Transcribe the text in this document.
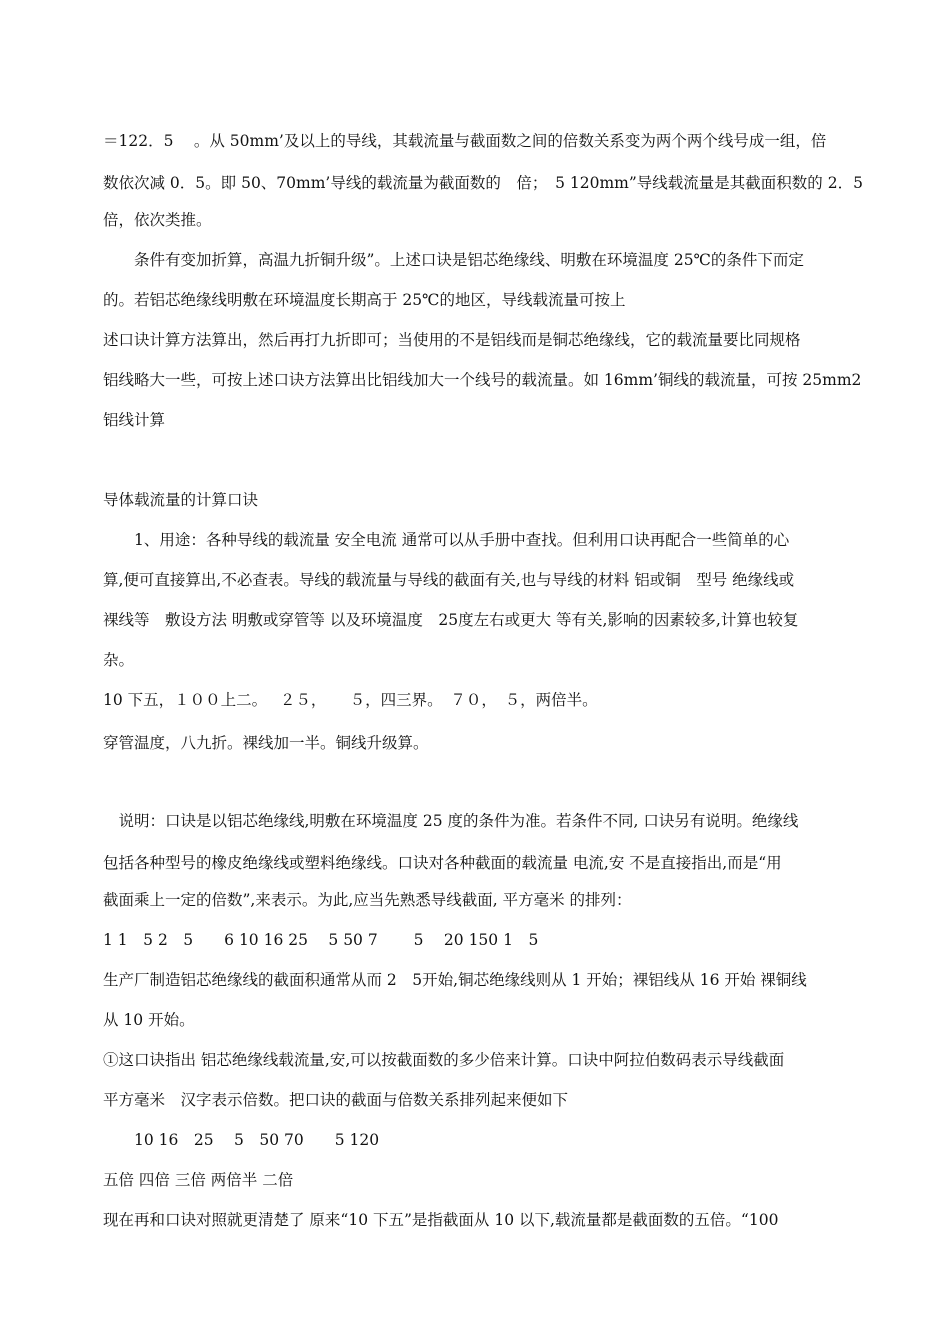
＝122．5　 。从 50mm’及以上的导线，其载流量与截面数之间的倍数关系变为两个两个线号成一组，倍
数依次减 0．5。即 50、70mm’导线的载流量为截面数的　倍；　5 120mm”导线载流量是其截面积数的 2．5
倍，依次类推。
　　条件有变加折算，高温九折铜升级”。上述口诀是铝芯绝缘线、明敷在环境温度 25℃的条件下而定
的。若铝芯绝缘线明敷在环境温度长期高于 25℃的地区，导线载流量可按上
述口诀计算方法算出，然后再打九折即可；当使用的不是铝线而是铜芯绝缘线，它的载流量要比同规格
铝线略大一些，可按上述口诀方法算出比铝线加大一个线号的载流量。如 16mm’铜线的载流量，可按 25mm2
铝线计算
导体载流量的计算口诀
　　1、用途：各种导线的载流量 安全电流 通常可以从手册中查找。但利用口诀再配合一些简单的心
算,便可直接算出,不必查表。导线的载流量与导线的截面有关,也与导线的材料 铝或铜　型号 绝缘线或
裸线等　敷设方法 明敷或穿管等 以及环境温度　25度左右或更大 等有关,影响的因素较多,计算也较复
杂。
10 下五，１００上二。　 ２５，　　５，四三界。　７０，　５，两倍半。
穿管温度，八九折。裸线加一半。铜线升级算。
　说明：口诀是以铝芯绝缘线,明敷在环境温度 25 度的条件为准。若条件不同, 口诀另有说明。绝缘线
包括各种型号的橡皮绝缘线或塑料绝缘线。口诀对各种截面的载流量 电流,安 不是直接指出,而是“用
截面乘上一定的倍数”,来表示。为此,应当先熟悉导线截面, 平方毫米 的排列：
1 1　5 2　5　　6 10 16 25　 5 50 7　　 5　 20 150 1　5
生产厂制造铝芯绝缘线的截面积通常从而 2　5开始,铜芯绝缘线则从 1 开始；裸铝线从 16 开始 裸铜线
从 10 开始。
①这口诀指出 铝芯绝缘线载流量,安,可以按截面数的多少倍来计算。口诀中阿拉伯数码表示导线截面
平方毫米　汉字表示倍数。把口诀的截面与倍数关系排列起来便如下
　　10 16　25　 5　50 70　　5 120
五倍 四倍 三倍 两倍半 二倍
现在再和口诀对照就更清楚了 原来“10 下五”是指截面从 10 以下,载流量都是截面数的五倍。“100
